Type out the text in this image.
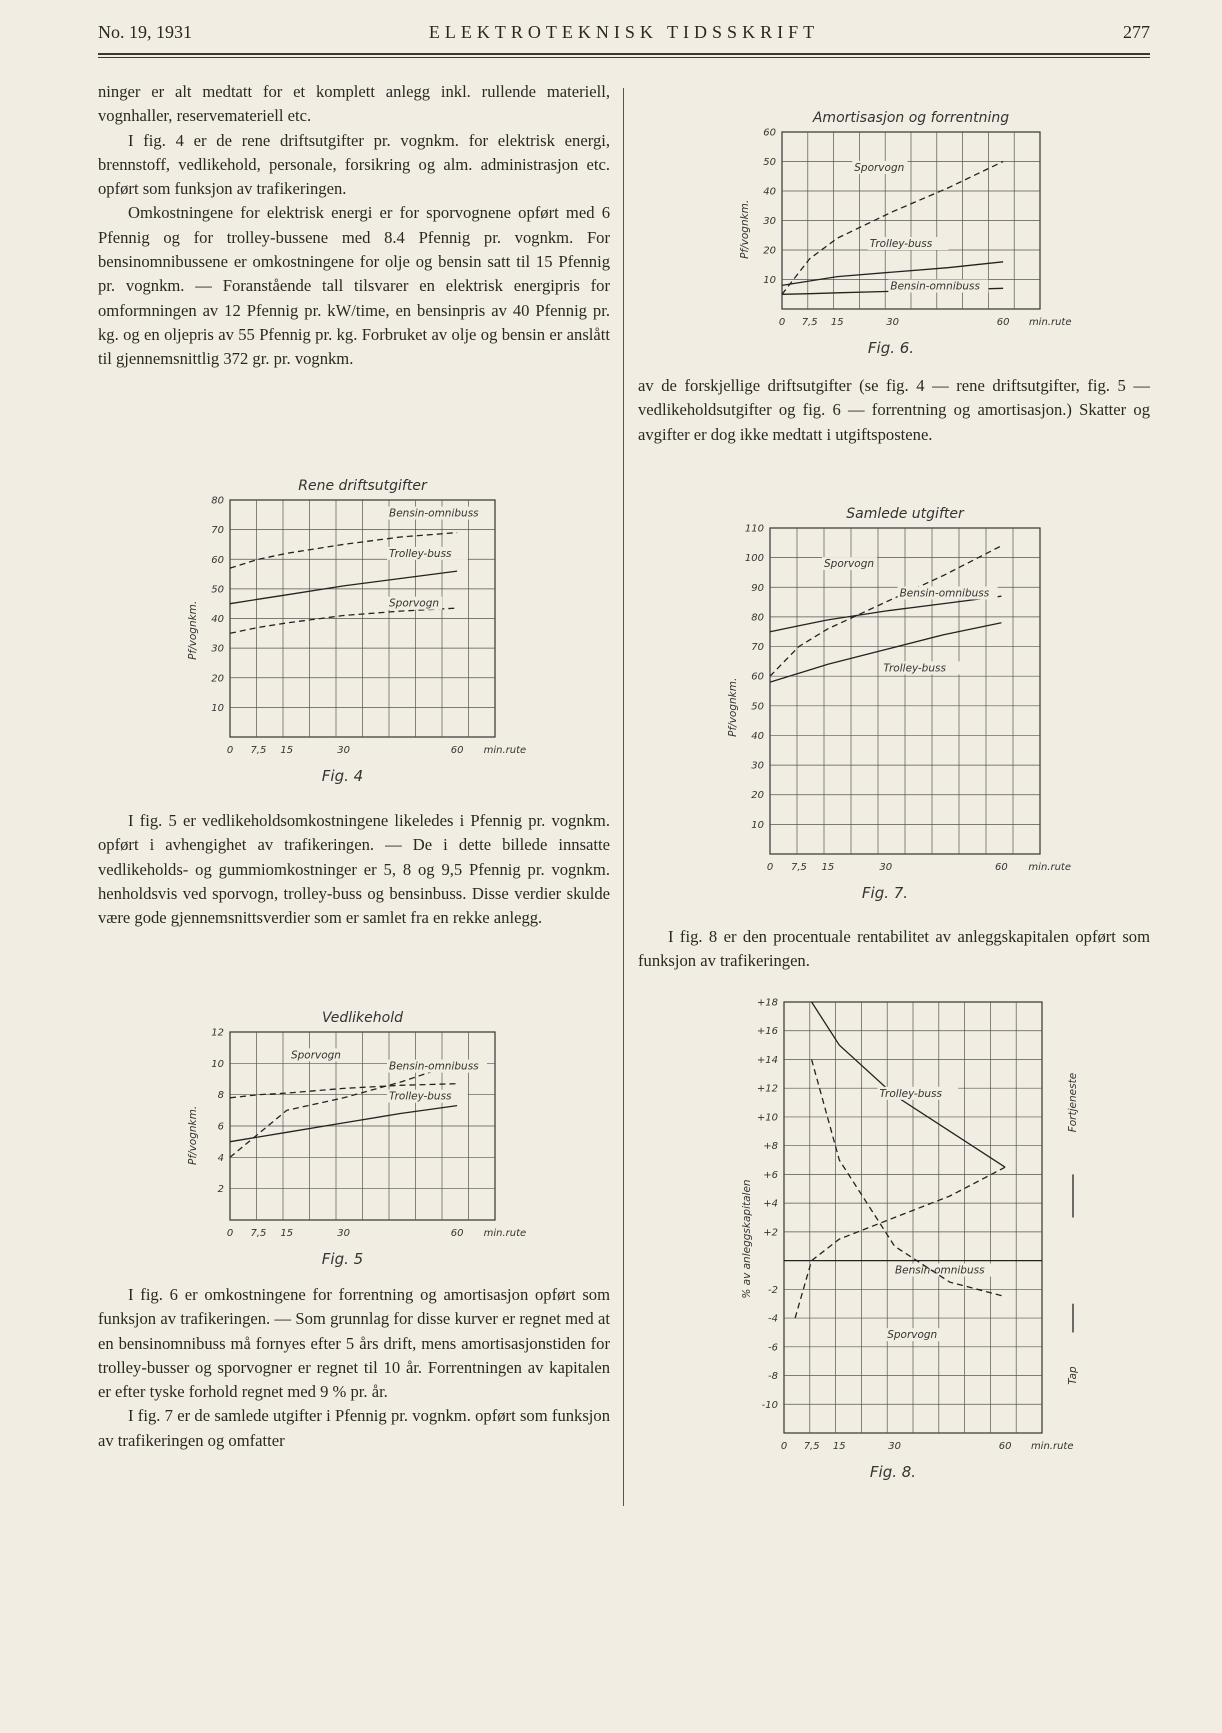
No. 19, 1931	ELEKTROTEKNISK TIDSSKRIFT	277

ninger er alt medtatt for et komplett anlegg inkl. rullende materiell, vognhaller, reservemateriell etc.

I fig. 4 er de rene driftsutgifter pr. vognkm. for elektrisk energi, brennstoff, vedlikehold, personale, forsikring og alm. administrasjon etc. opført som funksjon av trafikeringen.

Omkostningene for elektrisk energi er for sporvognene opført med 6 Pfennig og for trolley-bussene med 8.4 Pfennig pr. vognkm. For bensinomnibussene er omkostningene for olje og bensin satt til 15 Pfennig pr. vognkm. — Foranstående tall tilsvarer en elektrisk energipris for omformningen av 12 Pfennig pr. kW/time, en bensinpris av 40 Pfennig pr. kg. og en oljepris av 55 Pfennig pr. kg. Forbruket av olje og bensin er anslått til gjennemsnittlig 372 gr. pr. vognkm.

I fig. 5 er vedlikeholdsomkostningene likeledes i Pfennig pr. vognkm. opført i avhengighet av trafikeringen. — De i dette billede innsatte vedlikeholds- og gummiomkostninger er 5, 8 og 9,5 Pfennig pr. vognkm. henholdsvis ved sporvogn, trolley-buss og bensinbuss. Disse verdier skulde være gode gjennemsnittsverdier som er samlet fra en rekke anlegg.

I fig. 6 er omkostningene for forrentning og amortisasjon opført som funksjon av trafikeringen. — Som grunnlag for disse kurver er regnet med at en bensinomnibuss må fornyes efter 5 års drift, mens amortisasjonstiden for trolley-busser og sporvogner er regnet til 10 år. Forrentningen av kapitalen er efter tyske forhold regnet med 9 % pr. år.

I fig. 7 er de samlede utgifter i Pfennig pr. vognkm. opført som funksjon av trafikeringen og omfatter

av de forskjellige driftsutgifter (se fig. 4 — rene driftsutgifter, fig. 5 — vedlikeholdsutgifter og fig. 6 — forrentning og amortisasjon.) Skatter og avgifter er dog ikke medtatt i utgiftspostene.

I fig. 8 er den procentuale rentabilitet av anleggskapitalen opført som funksjon av trafikeringen.

Rene driftsutgifter
10
20
30
40
50
60
70
80
0 7,5 15	30	60 min.rute
Pf/vognkm.
Bensin-omnibuss
Trolley-buss
Sporvogn
Fig. 4
Vedlikehold
2
4
6
8
10
12
0 7,5 15	30	60 min.rute
Pf/vognkm.
Sporvogn
Bensin-omnibuss
Trolley-buss
Fig. 5
Amortisasjon og forrentning
10
20
30
40
50
60
0 7,5 15	30	60 min.rute
Pf/vognkm.
Sporvogn
Trolley-buss
Bensin-omnibuss
Fig. 6.
Samlede utgifter
10
20
30
40
50
60
70
80
90
100
110
0 7,5 15	30	60 min.rute
Pf/vognkm.
Sporvogn
Bensin-omnibuss
Trolley-buss
Fig. 7.
+18
+16
+14
+12
+10
+8
+6
+4
+2
-2
-4
-6
-8
-10
0 7,5 15	30	60 min.rute
% av anleggskapitalen
Fortjeneste
Tap
Trolley-buss
Bensin-omnibuss
Sporvogn
Fig. 8.
